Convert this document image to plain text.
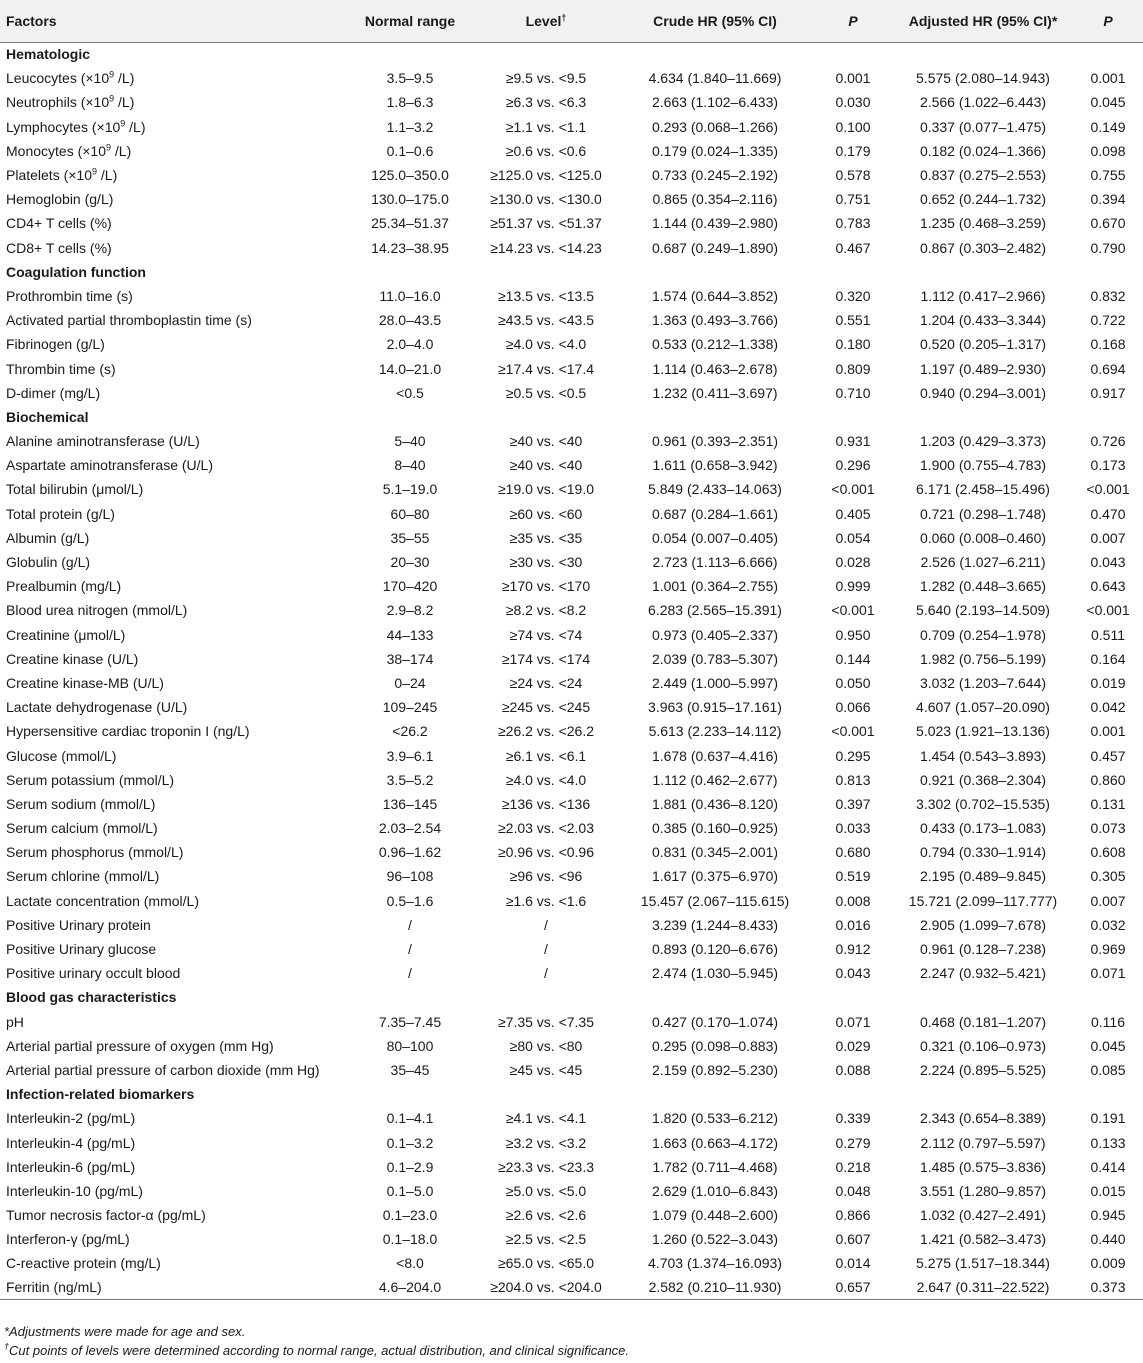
Factors	Normal range	Level†	Crude HR (95% CI)	P	Adjusted HR (95% CI)*	P
Hematologic						
Leucocytes ($\times 10^9$ /L)	3.5–9.5	≥9.5 vs. <9.5	4.634 (1.840–11.669)	0.001	5.575 (2.080–14.943)	0.001
Neutrophils ($\times 10^9$ /L)	1.8–6.3	≥6.3 vs. <6.3	2.663 (1.102–6.433)	0.030	2.566 (1.022–6.443)	0.045
Lymphocytes ($\times 10^9$ /L)	1.1–3.2	≥1.1 vs. <1.1	0.293 (0.068–1.266)	0.100	0.337 (0.077–1.475)	0.149
Monocytes ($\times 10^9$ /L)	0.1–0.6	≥0.6 vs. <0.6	0.179 (0.024–1.335)	0.179	0.182 (0.024–1.366)	0.098
Platelets ($\times 10^9$ /L)	125.0–350.0	≥125.0 vs. <125.0	0.733 (0.245–2.192)	0.578	0.837 (0.275–2.553)	0.755
Hemoglobin (g/L)	130.0–175.0	≥130.0 vs. <130.0	0.865 (0.354–2.116)	0.751	0.652 (0.244–1.732)	0.394
CD4+ T cells (%)	25.34–51.37	≥51.37 vs. <51.37	1.144 (0.439–2.980)	0.783	1.235 (0.468–3.259)	0.670
CD8+ T cells (%)	14.23–38.95	≥14.23 vs. <14.23	0.687 (0.249–1.890)	0.467	0.867 (0.303–2.482)	0.790
Coagulation function						
Prothrombin time (s)	11.0–16.0	≥13.5 vs. <13.5	1.574 (0.644–3.852)	0.320	1.112 (0.417–2.966)	0.832
Activated partial thromboplastin time (s)	28.0–43.5	≥43.5 vs. <43.5	1.363 (0.493–3.766)	0.551	1.204 (0.433–3.344)	0.722
Fibrinogen (g/L)	2.0–4.0	≥4.0 vs. <4.0	0.533 (0.212–1.338)	0.180	0.520 (0.205–1.317)	0.168
Thrombin time (s)	14.0–21.0	≥17.4 vs. <17.4	1.114 (0.463–2.678)	0.809	1.197 (0.489–2.930)	0.694
D-dimer (mg/L)	<0.5	≥0.5 vs. <0.5	1.232 (0.411–3.697)	0.710	0.940 (0.294–3.001)	0.917
Biochemical						
Alanine aminotransferase (U/L)	5–40	≥40 vs. <40	0.961 (0.393–2.351)	0.931	1.203 (0.429–3.373)	0.726
Aspartate aminotransferase (U/L)	8–40	≥40 vs. <40	1.611 (0.658–3.942)	0.296	1.900 (0.755–4.783)	0.173
Total bilirubin (μmol/L)	5.1–19.0	≥19.0 vs. <19.0	5.849 (2.433–14.063)	<0.001	6.171 (2.458–15.496)	<0.001
Total protein (g/L)	60–80	≥60 vs. <60	0.687 (0.284–1.661)	0.405	0.721 (0.298–1.748)	0.470
Albumin (g/L)	35–55	≥35 vs. <35	0.054 (0.007–0.405)	0.054	0.060 (0.008–0.460)	0.007
Globulin (g/L)	20–30	≥30 vs. <30	2.723 (1.113–6.666)	0.028	2.526 (1.027–6.211)	0.043
Prealbumin (mg/L)	170–420	≥170 vs. <170	1.001 (0.364–2.755)	0.999	1.282 (0.448–3.665)	0.643
Blood urea nitrogen (mmol/L)	2.9–8.2	≥8.2 vs. <8.2	6.283 (2.565–15.391)	<0.001	5.640 (2.193–14.509)	<0.001
Creatinine (μmol/L)	44–133	≥74 vs. <74	0.973 (0.405–2.337)	0.950	0.709 (0.254–1.978)	0.511
Creatine kinase (U/L)	38–174	≥174 vs. <174	2.039 (0.783–5.307)	0.144	1.982 (0.756–5.199)	0.164
Creatine kinase-MB (U/L)	0–24	≥24 vs. <24	2.449 (1.000–5.997)	0.050	3.032 (1.203–7.644)	0.019
Lactate dehydrogenase (U/L)	109–245	≥245 vs. <245	3.963 (0.915–17.161)	0.066	4.607 (1.057–20.090)	0.042
Hypersensitive cardiac troponin I (ng/L)	<26.2	≥26.2 vs. <26.2	5.613 (2.233–14.112)	<0.001	5.023 (1.921–13.136)	0.001
Glucose (mmol/L)	3.9–6.1	≥6.1 vs. <6.1	1.678 (0.637–4.416)	0.295	1.454 (0.543–3.893)	0.457
Serum potassium (mmol/L)	3.5–5.2	≥4.0 vs. <4.0	1.112 (0.462–2.677)	0.813	0.921 (0.368–2.304)	0.860
Serum sodium (mmol/L)	136–145	≥136 vs. <136	1.881 (0.436–8.120)	0.397	3.302 (0.702–15.535)	0.131
Serum calcium (mmol/L)	2.03–2.54	≥2.03 vs. <2.03	0.385 (0.160–0.925)	0.033	0.433 (0.173–1.083)	0.073
Serum phosphorus (mmol/L)	0.96–1.62	≥0.96 vs. <0.96	0.831 (0.345–2.001)	0.680	0.794 (0.330–1.914)	0.608
Serum chlorine (mmol/L)	96–108	≥96 vs. <96	1.617 (0.375–6.970)	0.519	2.195 (0.489–9.845)	0.305
Lactate concentration (mmol/L)	0.5–1.6	≥1.6 vs. <1.6	15.457 (2.067–115.615)	0.008	15.721 (2.099–117.777)	0.007
Positive Urinary protein	/	/	3.239 (1.244–8.433)	0.016	2.905 (1.099–7.678)	0.032
Positive Urinary glucose	/	/	0.893 (0.120–6.676)	0.912	0.961 (0.128–7.238)	0.969
Positive urinary occult blood	/	/	2.474 (1.030–5.945)	0.043	2.247 (0.932–5.421)	0.071
Blood gas characteristics						
pH	7.35–7.45	≥7.35 vs. <7.35	0.427 (0.170–1.074)	0.071	0.468 (0.181–1.207)	0.116
Arterial partial pressure of oxygen (mm Hg)	80–100	≥80 vs. <80	0.295 (0.098–0.883)	0.029	0.321 (0.106–0.973)	0.045
Arterial partial pressure of carbon dioxide (mm Hg)	35–45	≥45 vs. <45	2.159 (0.892–5.230)	0.088	2.224 (0.895–5.525)	0.085
Infection-related biomarkers						
Interleukin-2 (pg/mL)	0.1–4.1	≥4.1 vs. <4.1	1.820 (0.533–6.212)	0.339	2.343 (0.654–8.389)	0.191
Interleukin-4 (pg/mL)	0.1–3.2	≥3.2 vs. <3.2	1.663 (0.663–4.172)	0.279	2.112 (0.797–5.597)	0.133
Interleukin-6 (pg/mL)	0.1–2.9	≥23.3 vs. <23.3	1.782 (0.711–4.468)	0.218	1.485 (0.575–3.836)	0.414
Interleukin-10 (pg/mL)	0.1–5.0	≥5.0 vs. <5.0	2.629 (1.010–6.843)	0.048	3.551 (1.280–9.857)	0.015
Tumor necrosis factor-α (pg/mL)	0.1–23.0	≥2.6 vs. <2.6	1.079 (0.448–2.600)	0.866	1.032 (0.427–2.491)	0.945
Interferon-γ (pg/mL)	0.1–18.0	≥2.5 vs. <2.5	1.260 (0.522–3.043)	0.607	1.421 (0.582–3.473)	0.440
C-reactive protein (mg/L)	<8.0	≥65.0 vs. <65.0	4.703 (1.374–16.093)	0.014	5.275 (1.517–18.344)	0.009
Ferritin (ng/mL)	4.6–204.0	≥204.0 vs. <204.0	2.582 (0.210–11.930)	0.657	2.647 (0.311–22.522)	0.373
*Adjustments were made for age and sex.
†Cut points of levels were determined according to normal range, actual distribution, and clinical significance.
